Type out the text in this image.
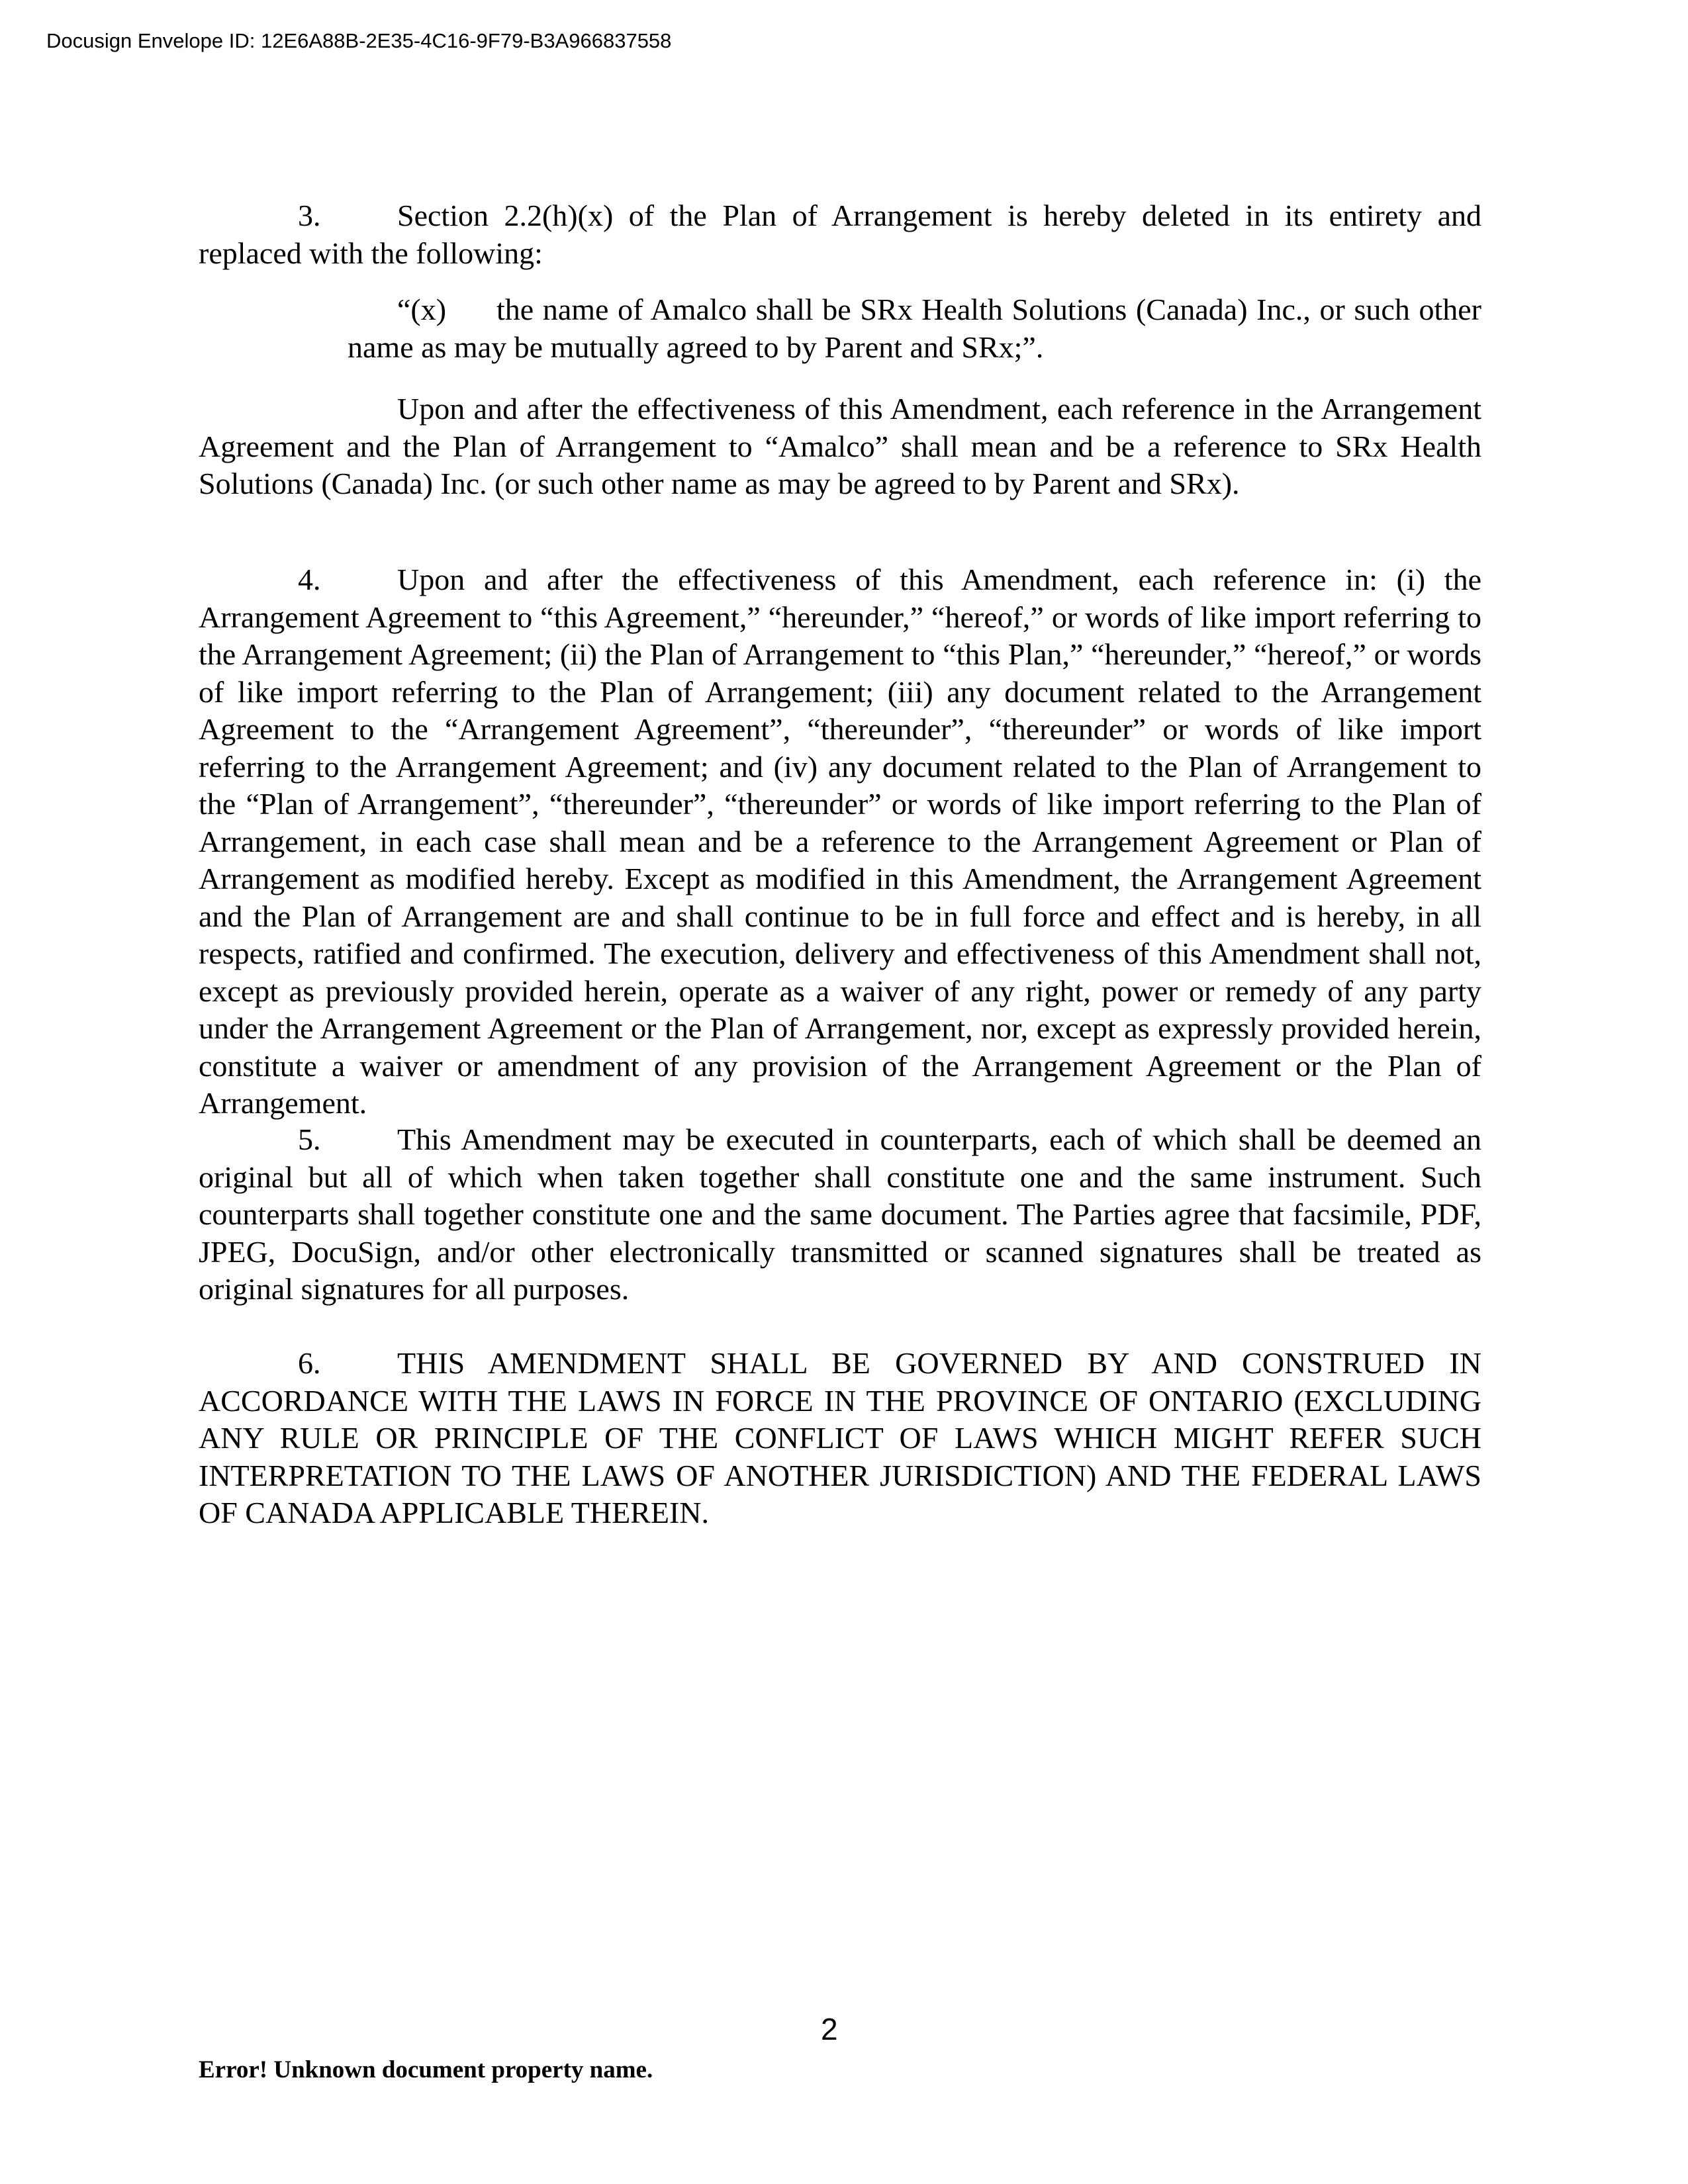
Docusign Envelope ID: 12E6A88B-2E35-4C16-9F79-B3A966837558

3.	Section 2.2(h)(x) of the Plan of Arrangement is hereby deleted in its entirety and replaced with the following:

“(x) the name of Amalco shall be SRx Health Solutions (Canada) Inc., or such other name as may be mutually agreed to by Parent and SRx;”.

Upon and after the effectiveness of this Amendment, each reference in the Arrangement Agreement and the Plan of Arrangement to “Amalco” shall mean and be a reference to SRx Health Solutions (Canada) Inc. (or such other name as may be agreed to by Parent and SRx).

4.	Upon and after the effectiveness of this Amendment, each reference in: (i) the Arrangement Agreement to “this Agreement,” “hereunder,” “hereof,” or words of like import referring to the Arrangement Agreement; (ii) the Plan of Arrangement to “this Plan,” “hereunder,” “hereof,” or words of like import referring to the Plan of Arrangement; (iii) any document related to the Arrangement Agreement to the “Arrangement Agreement”, “thereunder”, “thereunder” or words of like import referring to the Arrangement Agreement; and (iv) any document related to the Plan of Arrangement to the “Plan of Arrangement”, “thereunder”, “thereunder” or words of like import referring to the Plan of Arrangement, in each case shall mean and be a reference to the Arrangement Agreement or Plan of Arrangement as modified hereby. Except as modified in this Amendment, the Arrangement Agreement and the Plan of Arrangement are and shall continue to be in full force and effect and is hereby, in all respects, ratified and confirmed. The execution, delivery and effectiveness of this Amendment shall not, except as previously provided herein, operate as a waiver of any right, power or remedy of any party under the Arrangement Agreement or the Plan of Arrangement, nor, except as expressly provided herein, constitute a waiver or amendment of any provision of the Arrangement Agreement or the Plan of Arrangement.

5.	This Amendment may be executed in counterparts, each of which shall be deemed an original but all of which when taken together shall constitute one and the same instrument. Such counterparts shall together constitute one and the same document. The Parties agree that facsimile, PDF, JPEG, DocuSign, and/or other electronically transmitted or scanned signatures shall be treated as original signatures for all purposes.

6.	THIS AMENDMENT SHALL BE GOVERNED BY AND CONSTRUED IN ACCORDANCE WITH THE LAWS IN FORCE IN THE PROVINCE OF ONTARIO (EXCLUDING ANY RULE OR PRINCIPLE OF THE CONFLICT OF LAWS WHICH MIGHT REFER SUCH INTERPRETATION TO THE LAWS OF ANOTHER JURISDICTION) AND THE FEDERAL LAWS OF CANADA APPLICABLE THEREIN.

2
Error! Unknown document property name.
